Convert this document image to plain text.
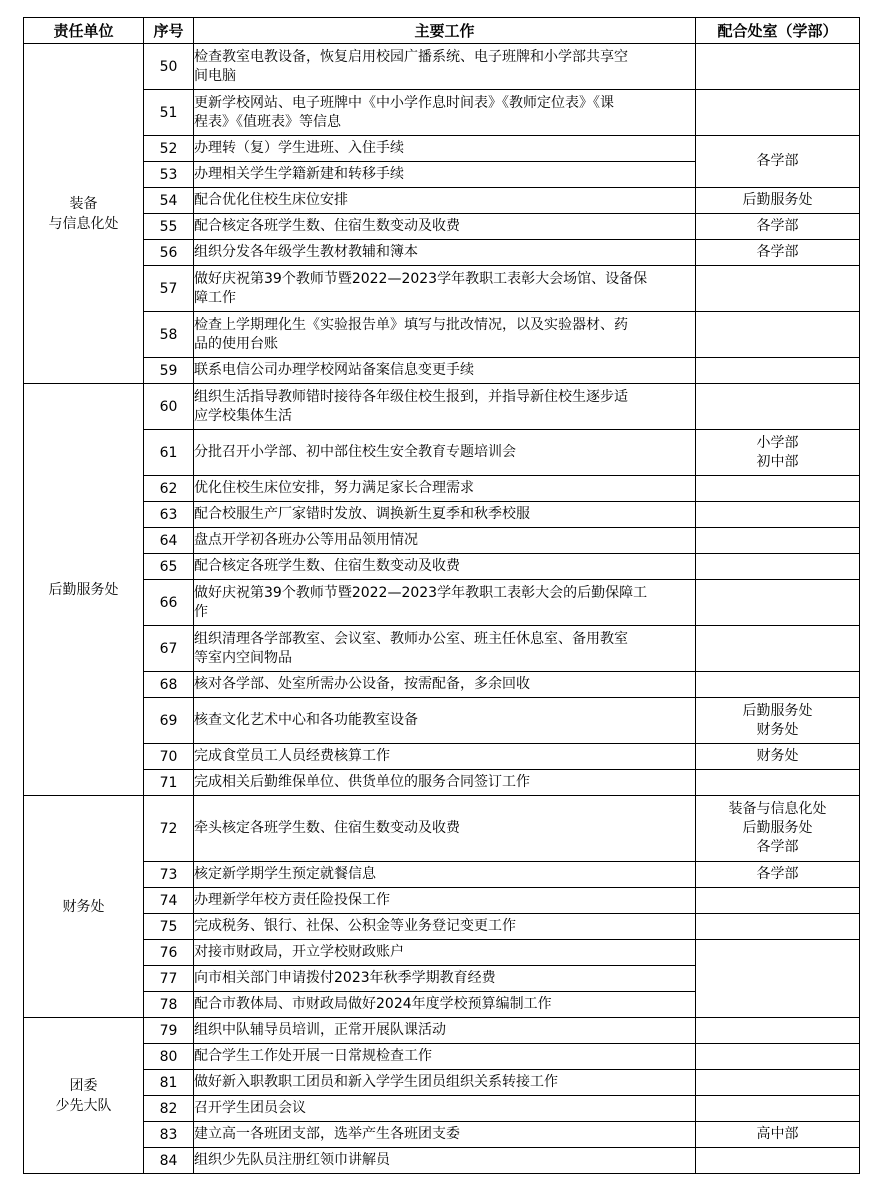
责任单位	序号	主要工作	配合处室（学部）

装备
与信息化处	50	检查教室电教设备，恢复启用校园广播系统、电子班牌和小学部共享空
间电脑	

	51	更新学校网站、电子班牌中《中小学作息时间表》《教师定位表》《课
程表》《值班表》等信息	

	52	办理转（复）学生进班、入住手续	各学部
	53	办理相关学生学籍新建和转移手续	
	54	配合优化住校生床位安排	后勤服务处
	55	配合核定各班学生数、住宿生数变动及收费	各学部
	56	组织分发各年级学生教材教辅和簿本	各学部
	57	做好庆祝第39个教师节暨2022—2023学年教职工表彰大会场馆、设备保
障工作	

	58	检查上学期理化生《实验报告单》填写与批改情况，以及实验器材、药
品的使用台账	

	59	联系电信公司办理学校网站备案信息变更手续	

后勤服务处	60	组织生活指导教师错时接待各年级住校生报到，并指导新住校生逐步适
应学校集体生活	

	61	分批召开小学部、初中部住校生安全教育专题培训会	小学部
初中部

	62	优化住校生床位安排，努力满足家长合理需求	
	63	配合校服生产厂家错时发放、调换新生夏季和秋季校服	
	64	盘点开学初各班办公等用品领用情况	
	65	配合核定各班学生数、住宿生数变动及收费	
	66	做好庆祝第39个教师节暨2022—2023学年教职工表彰大会的后勤保障工
作	

	67	组织清理各学部教室、会议室、教师办公室、班主任休息室、备用教室
等室内空间物品	

	68	核对各学部、处室所需办公设备，按需配备，多余回收	
	69	核查文化艺术中心和各功能教室设备	后勤服务处
财务处

	70	完成食堂员工人员经费核算工作	财务处
	71	完成相关后勤维保单位、供货单位的服务合同签订工作	

财务处	72	牵头核定各班学生数、住宿生数变动及收费	装备与信息化处
后勤服务处
各学部

	73	核定新学期学生预定就餐信息	各学部
	74	办理新学年校方责任险投保工作	
	75	完成税务、银行、社保、公积金等业务登记变更工作	
	76	对接市财政局，开立学校财政账户	
	77	向市相关部门申请拨付2023年秋季学期教育经费	
	78	配合市教体局、市财政局做好2024年度学校预算编制工作	

团委
少先大队	79	组织中队辅导员培训，正常开展队课活动	
	80	配合学生工作处开展一日常规检查工作	
	81	做好新入职教职工团员和新入学学生团员组织关系转接工作	
	82	召开学生团员会议	
	83	建立高一各班团支部，选举产生各班团支委	高中部
	84	组织少先队员注册红领巾讲解员	
